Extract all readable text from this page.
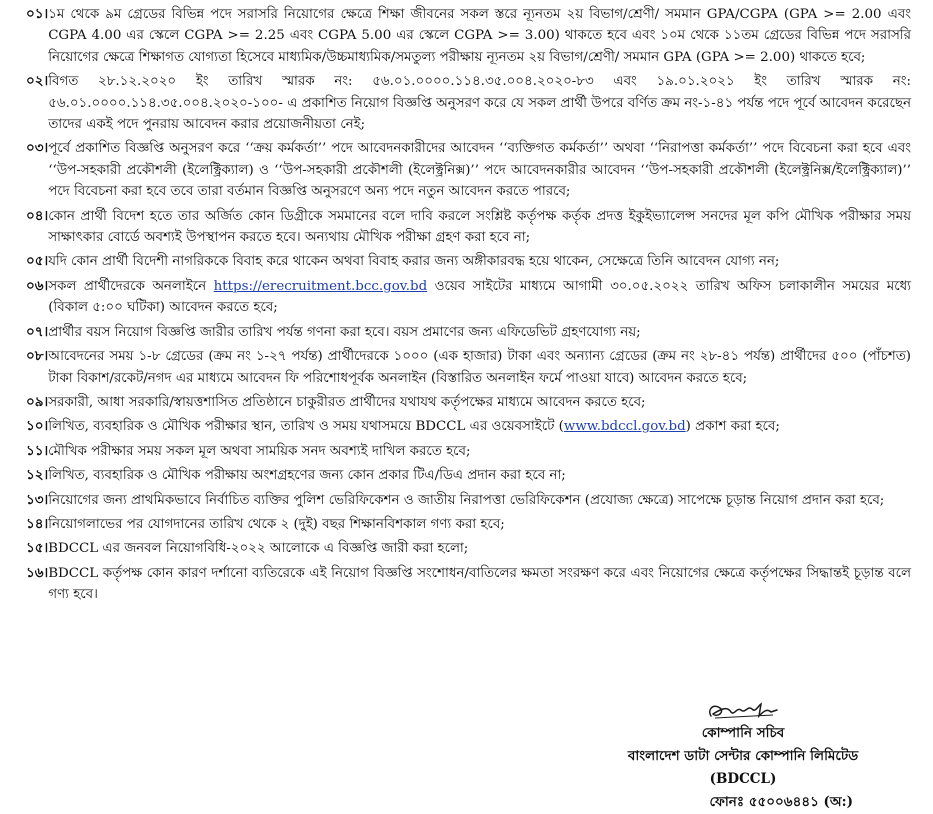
০১। ১ম থেকে ৯ম গ্রেডের বিভিন্ন পদে সরাসরি নিয়োগের ক্ষেত্রে শিক্ষা জীবনের সকল স্তরে ন্যূনতম ২য় বিভাগ/শ্রেণী/ সমমান GPA/CGPA (GPA >= 2.00 এবং CGPA 4.00 এর স্কেলে CGPA >= 2.25 এবং CGPA 5.00 এর স্কেলে CGPA >= 3.00) থাকতে হবে এবং ১০ম থেকে ১১তম গ্রেডের বিভিন্ন পদে সরাসরি নিয়োগের ক্ষেত্রে শিক্ষাগত যোগ্যতা হিসেবে মাধ্যমিক/উচ্চমাধ্যমিক/সমতুল্য পরীক্ষায় ন্যূনতম ২য় বিভাগ/শ্রেণী/ সমমান GPA (GPA >= 2.00) থাকতে হবে;
০২। বিগত ২৮.১২.২০২০ ইং তারিখ স্মারক নং: ৫৬.০১.০০০০.১১৪.৩৫.০০৪.২০২০-৮৩ এবং ১৯.০১.২০২১ ইং তারিখ স্মারক নং: ৫৬.০১.০০০০.১১৪.৩৫.০০৪.২০২০-১০০- এ প্রকাশিত নিয়োগ বিজ্ঞপ্তি অনুসরণ করে যে সকল প্রার্থী উপরে বর্ণিত ক্রম নং-১-৪১ পর্যন্ত পদে পূর্বে আবেদন করেছেন তাদের একই পদে পুনরায় আবেদন করার প্রয়োজনীয়তা নেই;
০৩। পূর্বে প্রকাশিত বিজ্ঞপ্তি অনুসরণ করে ‘‘ক্রয় কর্মকর্তা’’ পদে আবেদনকারীদের আবেদন ‘‘ব্যক্তিগত কর্মকর্তা’’ অথবা ‘‘নিরাপত্তা কর্মকর্তা’’ পদে বিবেচনা করা হবে এবং ‘‘উপ-সহকারী প্রকৌশলী (ইলেক্ট্রিক্যাল) ও ‘‘উপ-সহকারী প্রকৌশলী (ইলেক্ট্রনিক্স)’’ পদে আবেদনকারীর আবেদন ‘‘উপ-সহকারী প্রকৌশলী (ইলেক্ট্রনিক্স/ইলেক্ট্রিক্যাল)’’ পদে বিবেচনা করা হবে তবে তারা বর্তমান বিজ্ঞপ্তি অনুসরণে অন্য পদে নতুন আবেদন করতে পারবে;
০৪। কোন প্রার্থী বিদেশ হতে তার অর্জিত কোন ডিগ্রীকে সমমানের বলে দাবি করলে সংশ্লিষ্ট কর্তৃপক্ষ কর্তৃক প্রদত্ত ইকুইভ্যালেন্স সনদের মূল কপি মৌখিক পরীক্ষার সময় সাক্ষাৎকার বোর্ডে অবশ্যই উপস্থাপন করতে হবে। অন্যথায় মৌখিক পরীক্ষা গ্রহণ করা হবে না;
০৫। যদি কোন প্রার্থী বিদেশী নাগরিককে বিবাহ করে থাকেন অথবা বিবাহ করার জন্য অঙ্গীকারবদ্ধ হয়ে থাকেন, সেক্ষেত্রে তিনি আবেদন যোগ্য নন;
০৬। সকল প্রার্থীদেরকে অনলাইনে https://erecruitment.bcc.gov.bd ওয়েব সাইটের মাধ্যমে আগামী ৩০.০৫.২০২২ তারিখ অফিস চলাকালীন সময়ের মধ্যে (বিকাল ৫:০০ ঘটিকা) আবেদন করতে হবে;
০৭। প্রার্থীর বয়স নিয়োগ বিজ্ঞপ্তি জারীর তারিখ পর্যন্ত গণনা করা হবে। বয়স প্রমাণের জন্য এফিডেভিট গ্রহণযোগ্য নয়;
০৮। আবেদনের সময় ১-৮ গ্রেডের (ক্রম নং ১-২৭ পর্যন্ত) প্রার্থীদেরকে ১০০০ (এক হাজার) টাকা এবং অন্যান্য গ্রেডের (ক্রম নং ২৮-৪১ পর্যন্ত) প্রার্থীদের ৫০০ (পাঁচশত) টাকা বিকাশ/রকেট/নগদ এর মাধ্যমে আবেদন ফি পরিশোধপূর্বক অনলাইন (বিস্তারিত অনলাইন ফর্মে পাওয়া যাবে) আবেদন করতে হবে;
০৯। সরকারী, আধা সরকারি/স্বায়ত্তশাসিত প্রতিষ্ঠানে চাকুরীরত প্রার্থীদের যথাযথ কর্তৃপক্ষের মাধ্যমে আবেদন করতে হবে;
১০। লিখিত, ব্যবহারিক ও মৌখিক পরীক্ষার স্থান, তারিখ ও সময় যথাসময়ে BDCCL এর ওয়েবসাইটে (www.bdccl.gov.bd) প্রকাশ করা হবে;
১১। মৌখিক পরীক্ষার সময় সকল মূল অথবা সাময়িক সনদ অবশ্যই দাখিল করতে হবে;
১২। লিখিত, ব্যবহারিক ও মৌখিক পরীক্ষায় অংশগ্রহণের জন্য কোন প্রকার টিএ/ডিএ প্রদান করা হবে না;
১৩। নিয়োগের জন্য প্রাথমিকভাবে নির্বাচিত ব্যক্তির পুলিশ ভেরিফিকেশন ও জাতীয় নিরাপত্তা ভেরিফিকেশন (প্রযোজ্য ক্ষেত্রে) সাপেক্ষে চূড়ান্ত নিয়োগ প্রদান করা হবে;
১৪। নিয়োগলাভের পর যোগদানের তারিখ থেকে ২ (দুই) বছর শিক্ষানবিশকাল গণ্য করা হবে;
১৫। BDCCL এর জনবল নিয়োগবিধি-২০২২ আলোকে এ বিজ্ঞপ্তি জারী করা হলো;
১৬। BDCCL কর্তৃপক্ষ কোন কারণ দর্শানো ব্যতিরেকে এই নিয়োগ বিজ্ঞপ্তি সংশোধন/বাতিলের ক্ষমতা সংরক্ষণ করে এবং নিয়োগের ক্ষেত্রে কর্তৃপক্ষের সিদ্ধান্তই চূড়ান্ত বলে গণ্য হবে।
কোম্পানি সচিব
বাংলাদেশ ডাটা সেন্টার কোম্পানি লিমিটেড (BDCCL)
ফোনঃ ৫৫০০৬৪৪১ (অ:)
